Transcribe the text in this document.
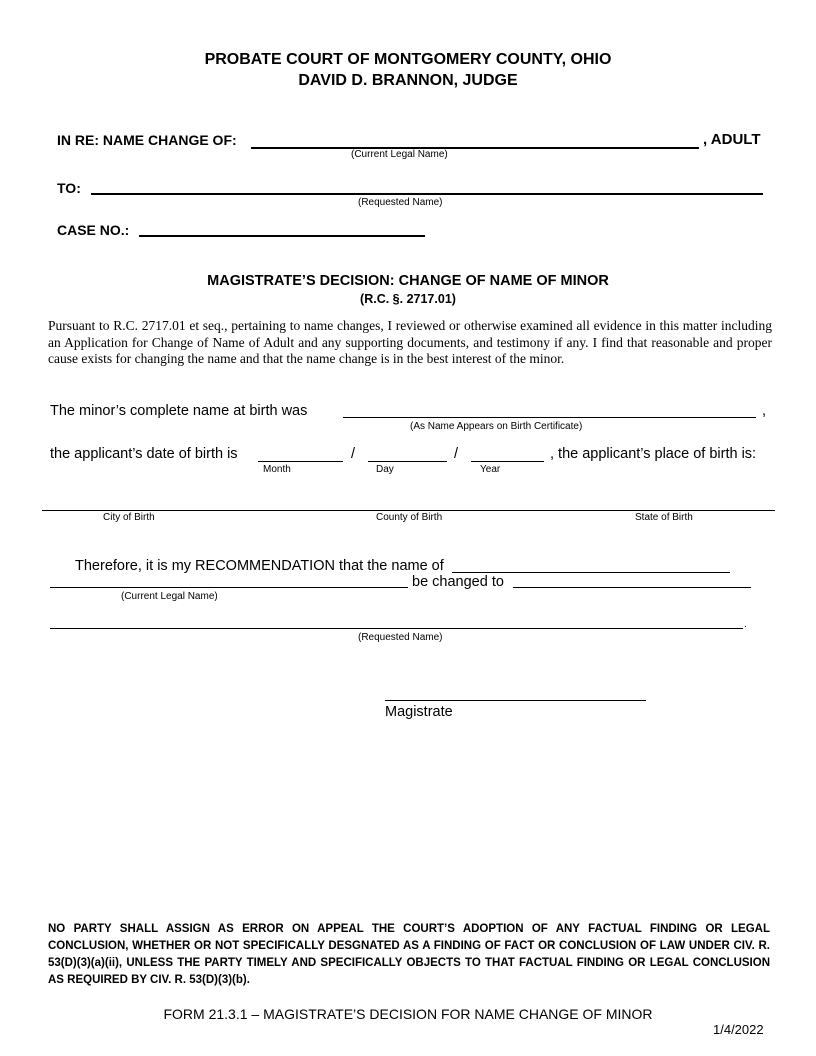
PROBATE COURT OF MONTGOMERY COUNTY, OHIO
DAVID D. BRANNON, JUDGE
IN RE: NAME CHANGE OF:	, ADULT
(Current Legal Name)
TO:
(Requested Name)
CASE NO.:
MAGISTRATE’S DECISION: CHANGE OF NAME OF MINOR
(R.C. §. 2717.01)
Pursuant to R.C. 2717.01 et seq., pertaining to name changes, I reviewed or otherwise examined all evidence in this matter including an Application for Change of Name of Adult and any supporting documents, and testimony if any. I find that reasonable and proper cause exists for changing the name and that the name change is in the best interest of the minor.
The minor’s complete name at birth was	,
(As Name Appears on Birth Certificate)
the applicant’s date of birth is	/	/	, the applicant’s place of birth is:
Month	Day	Year
City of Birth	County of Birth	State of Birth
Therefore, it is my RECOMMENDATION that the name of
be changed to
(Current Legal Name)
.
(Requested Name)
Magistrate
NO PARTY SHALL ASSIGN AS ERROR ON APPEAL THE COURT’S ADOPTION OF ANY FACTUAL FINDING OR LEGAL CONCLUSION, WHETHER OR NOT SPECIFICALLY DESGNATED AS A FINDING OF FACT OR CONCLUSION OF LAW UNDER CIV. R. 53(D)(3)(a)(ii), UNLESS THE PARTY TIMELY AND SPECIFICALLY OBJECTS TO THAT FACTUAL FINDING OR LEGAL CONCLUSION AS REQUIRED BY CIV. R. 53(D)(3)(b).
FORM 21.3.1 – MAGISTRATE’S DECISION FOR NAME CHANGE OF MINOR
1/4/2022
